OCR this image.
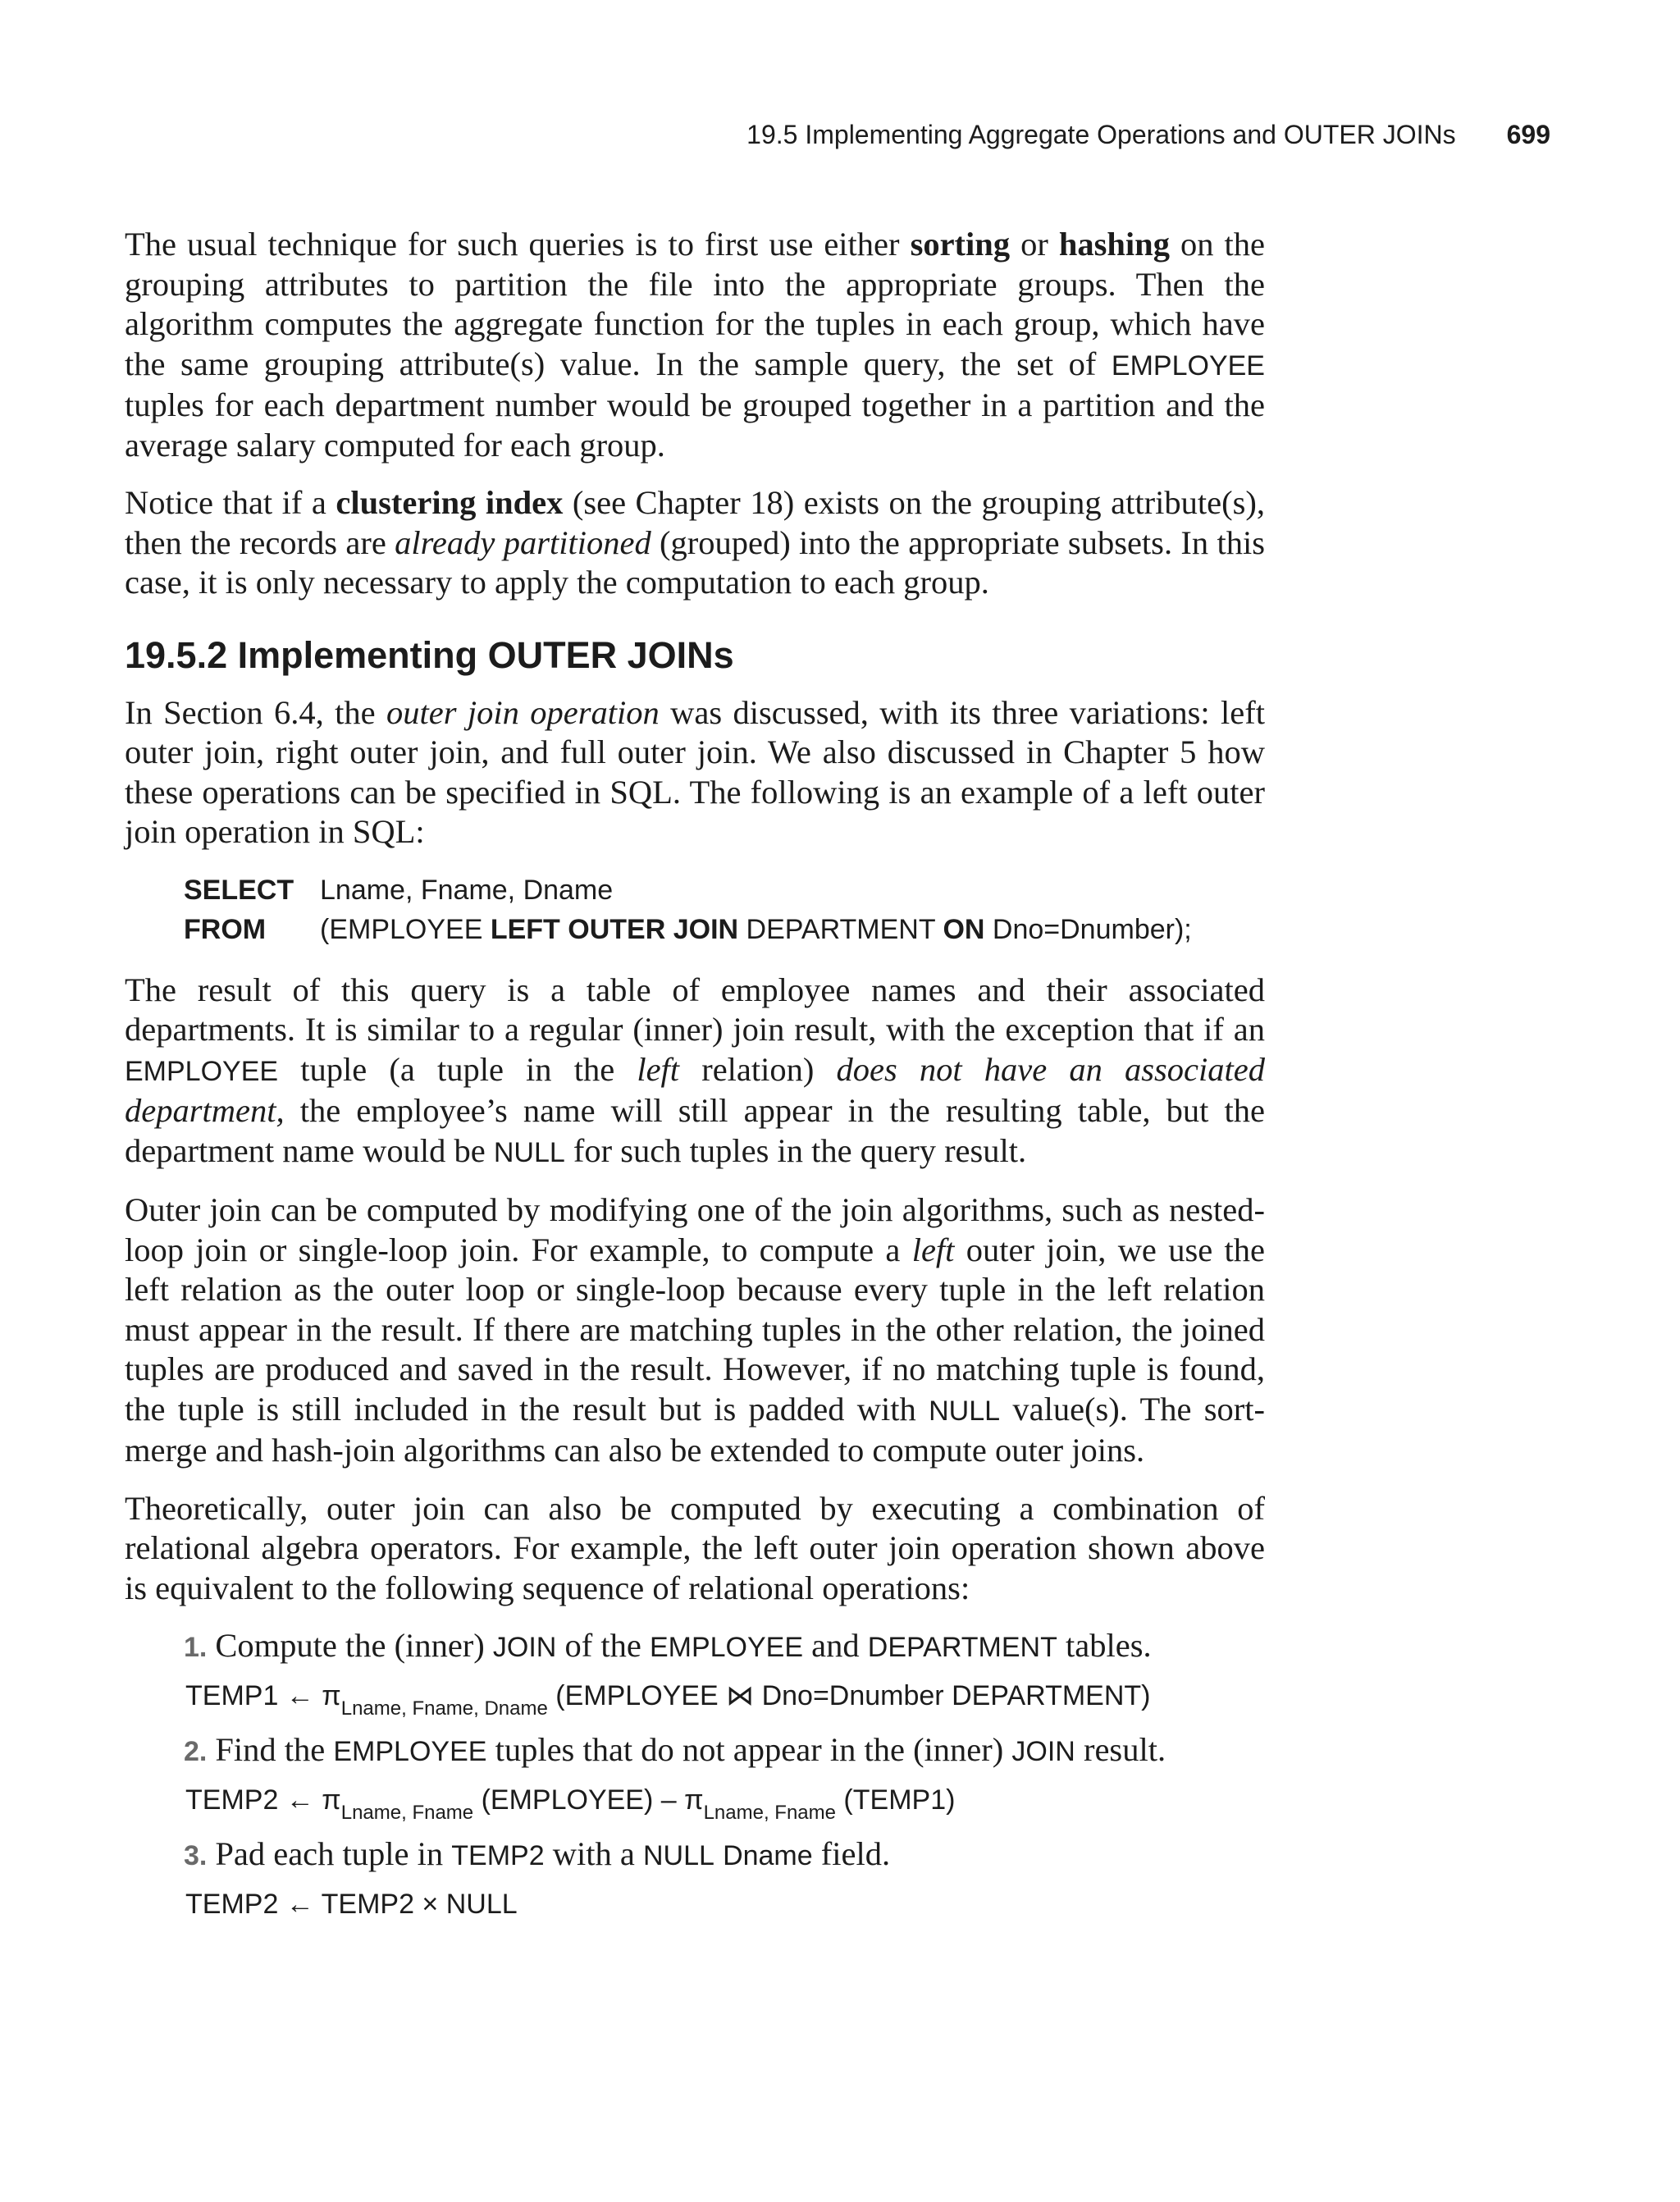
19.5 Implementing Aggregate Operations and OUTER JOINs 699

The usual technique for such queries is to first use either sorting or hashing on the grouping attributes to partition the file into the appropriate groups. Then the algorithm computes the aggregate function for the tuples in each group, which have the same grouping attribute(s) value. In the sample query, the set of EMPLOYEE tuples for each department number would be grouped together in a partition and the average salary computed for each group.

Notice that if a clustering index (see Chapter 18) exists on the grouping attribute(s), then the records are already partitioned (grouped) into the appropriate subsets. In this case, it is only necessary to apply the computation to each group.

19.5.2 Implementing OUTER JOINs

In Section 6.4, the outer join operation was discussed, with its three variations: left outer join, right outer join, and full outer join. We also discussed in Chapter 5 how these operations can be specified in SQL. The following is an example of a left outer join operation in SQL:

SELECT Lname, Fname, Dname
FROM	(EMPLOYEE LEFT OUTER JOIN DEPARTMENT ON Dno=Dnumber);

The result of this query is a table of employee names and their associated departments. It is similar to a regular (inner) join result, with the exception that if an EMPLOYEE tuple (a tuple in the left relation) does not have an associated department, the employee’s name will still appear in the resulting table, but the department name would be NULL for such tuples in the query result.

Outer join can be computed by modifying one of the join algorithms, such as nested-loop join or single-loop join. For example, to compute a left outer join, we use the left relation as the outer loop or single-loop because every tuple in the left relation must appear in the result. If there are matching tuples in the other relation, the joined tuples are produced and saved in the result. However, if no matching tuple is found, the tuple is still included in the result but is padded with NULL value(s). The sort-merge and hash-join algorithms can also be extended to compute outer joins.

Theoretically, outer join can also be computed by executing a combination of relational algebra operators. For example, the left outer join operation shown above is equivalent to the following sequence of relational operations:

1. Compute the (inner) JOIN of the EMPLOYEE and DEPARTMENT tables.
TEMP1 ← $\pi_{Lname, Fname, Dname}$ (EMPLOYEE ⋈ Dno=Dnumber DEPARTMENT)
2. Find the EMPLOYEE tuples that do not appear in the (inner) JOIN result.
TEMP2 ← $\pi_{Lname, Fname}$ (EMPLOYEE) – $\pi_{Lname, Fname}$ (TEMP1)
3. Pad each tuple in TEMP2 with a NULL Dname field.
TEMP2 ← TEMP2 × NULL
